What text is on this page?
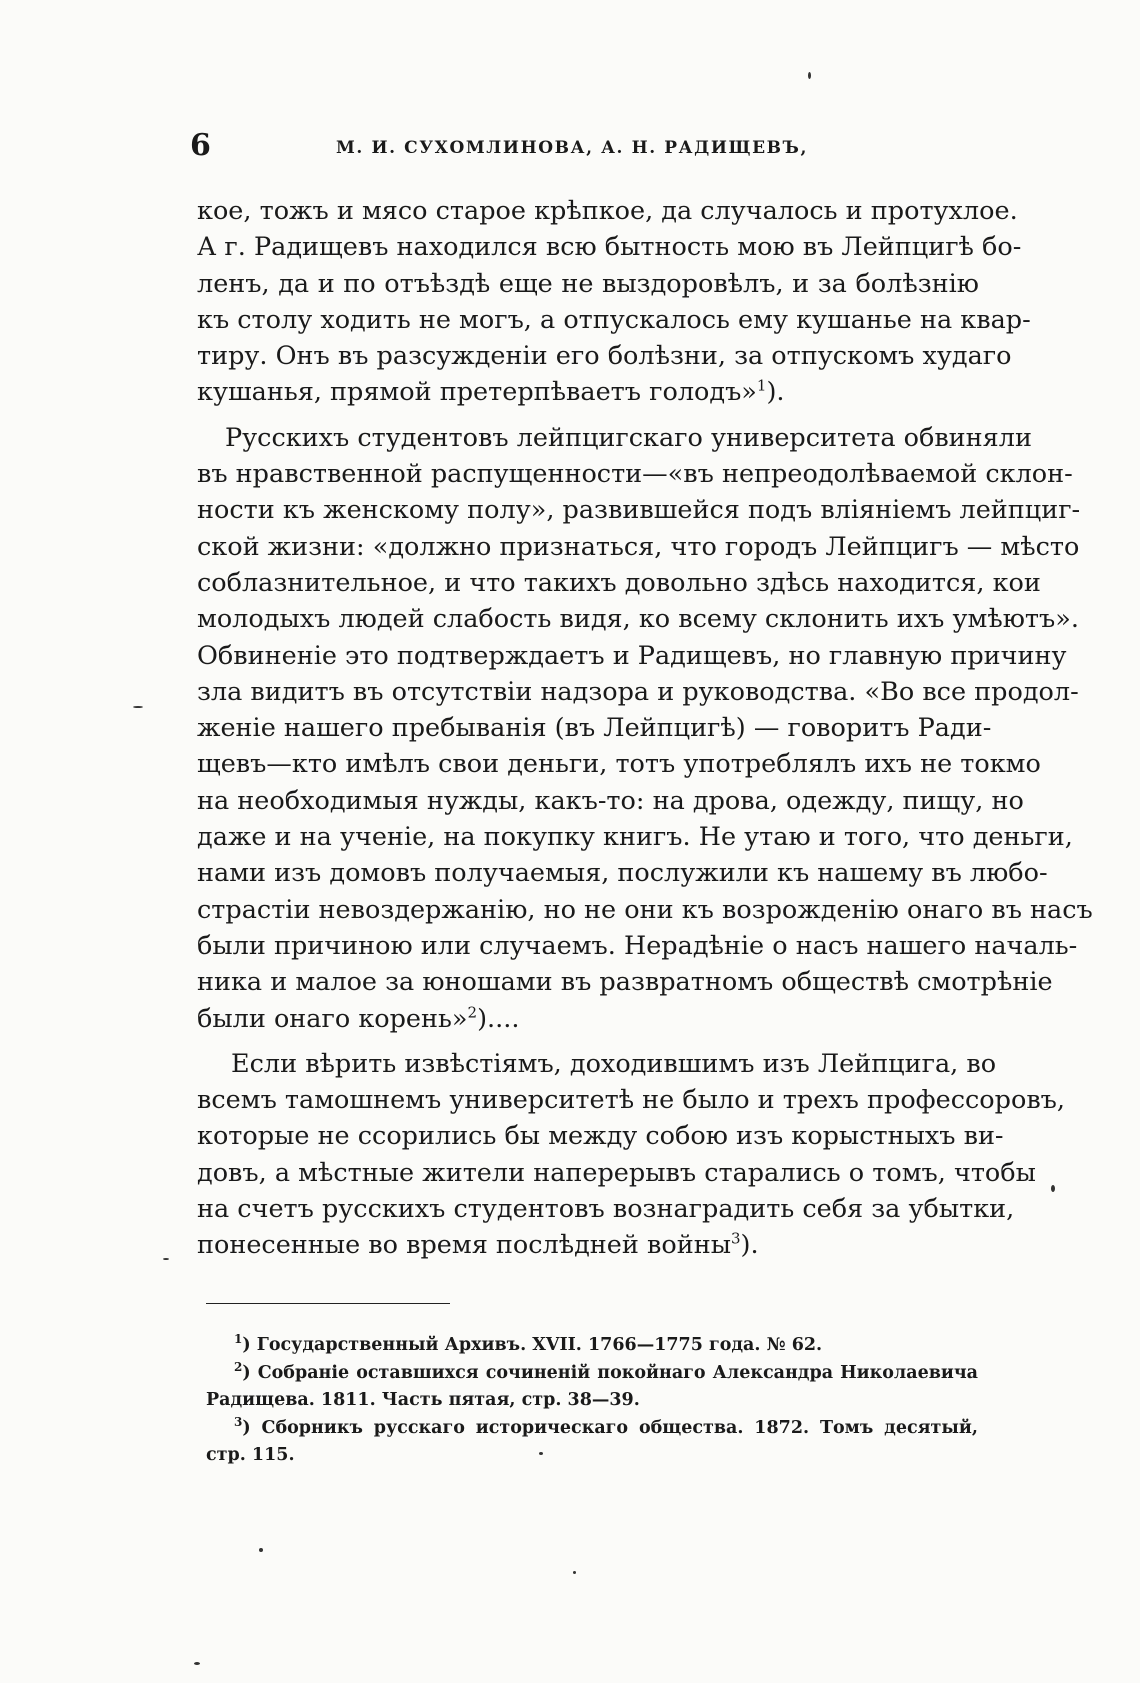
6	М. И. СУХОМЛИНОВА, А. Н. РАДИЩЕВЪ,
кое, тожъ и мясо старое крѣпкое, да случалось и протухлое.
А г. Радищевъ находился всю бытность мою въ Лейпцигѣ бо-
ленъ, да и по отъѣздѣ еще не выздоровѣлъ, и за болѣзнію
къ столу ходить не могъ, а отпускалось ему кушанье на квар-
тиру. Онъ въ разсужденіи его болѣзни, за отпускомъ худаго
кушанья, прямой претерпѣваетъ голодъ»$^1$).
Русскихъ студентовъ лейпцигскаго университета обвиняли
въ нравственной распущенности—«въ непреодолѣваемой склон-
ности къ женскому полу», развившейся подъ вліяніемъ лейпциг-
ской жизни: «должно признаться, что городъ Лейпцигъ — мѣсто
соблазнительное, и что такихъ довольно здѣсь находится, кои
молодыхъ людей слабость видя, ко всему склонить ихъ умѣютъ».
Обвиненіе это подтверждаетъ и Радищевъ, но главную причину
зла видитъ въ отсутствіи надзора и руководства. «Во все продол-
женіе нашего пребыванія (въ Лейпцигѣ) — говоритъ Ради-
щевъ—кто имѣлъ свои деньги, тотъ употреблялъ ихъ не токмо
на необходимыя нужды, какъ-то: на дрова, одежду, пищу, но
даже и на ученіе, на покупку книгъ. Не утаю и того, что деньги,
нами изъ домовъ получаемыя, послужили къ нашему въ любо-
страстіи невоздержанію, но не они къ возрожденію онаго въ насъ
были причиною или случаемъ. Нерадѣніе о насъ нашего началь-
ника и малое за юношами въ развратномъ обществѣ смотрѣніе
были онаго корень»$^2$)....
Если вѣрить извѣстіямъ, доходившимъ изъ Лейпцига, во
всемъ тамошнемъ университетѣ не было и трехъ профессоровъ,
которые не ссорились бы между собою изъ корыстныхъ ви-
довъ, а мѣстные жители наперерывъ старались о томъ, чтобы
на счетъ русскихъ студентовъ вознаградить себя за убытки,
понесенные во время послѣдней войны$^3$).
$^1$) Государственный Архивъ. XVII. 1766—1775 года. № 62.
$^2$) Собраніе оставшихся сочиненій покойнаго Александра Николаевича
Радищева. 1811. Часть пятая, стр. 38—39.
$^3$) Сборникъ русскаго историческаго общества. 1872. Томъ десятый,
стр. 115.
